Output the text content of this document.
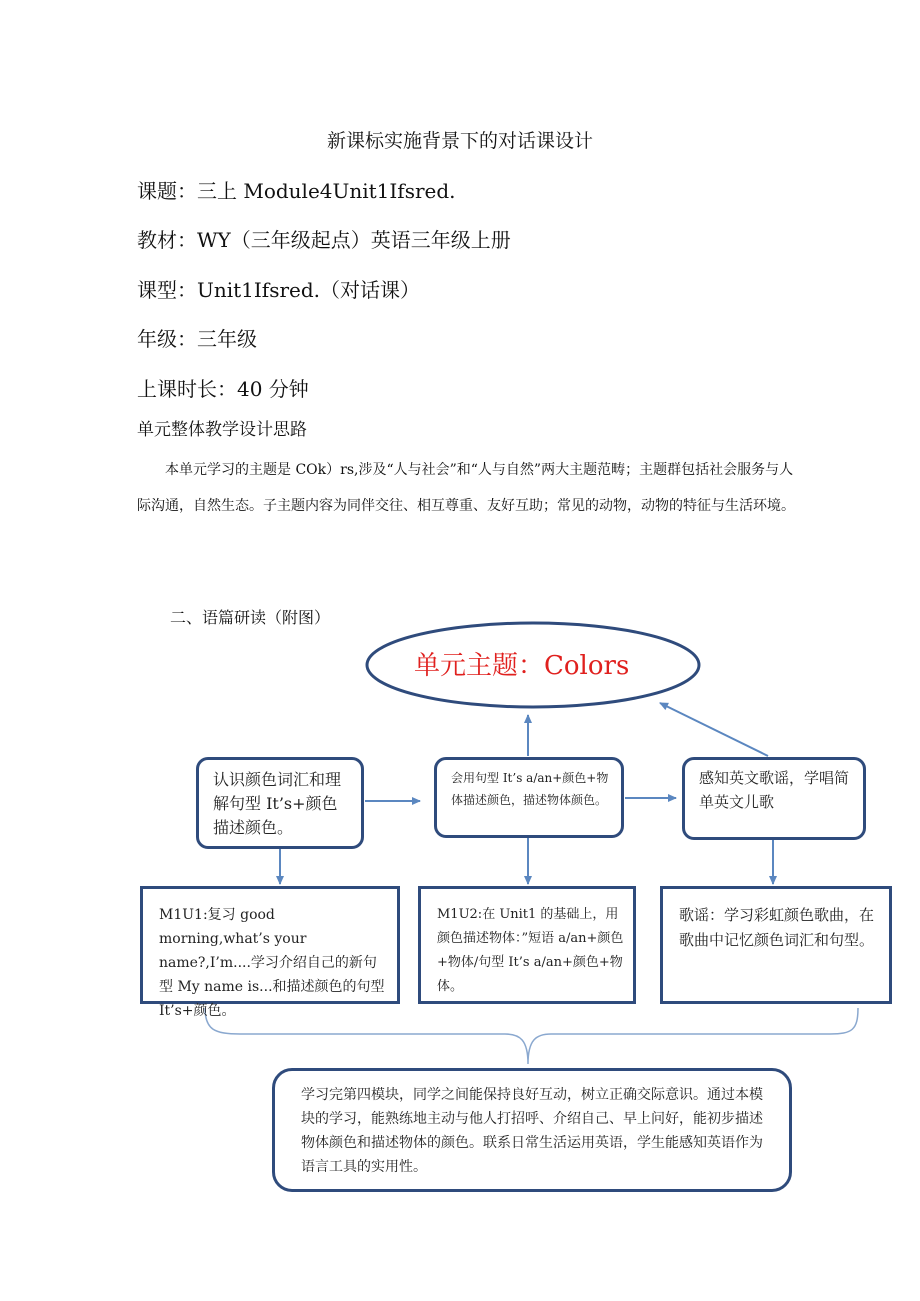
新课标实施背景下的对话课设计
课题：三上 Module4Unit1Ifsred.
教材：WY（三年级起点）英语三年级上册
课型：Unit1Ifsred.（对话课）
年级：三年级
上课时长：40 分钟
单元整体教学设计思路
本单元学习的主题是 COk）rs,涉及“人与社会”和“人与自然”两大主题范畴；主题群包括社会服务与人际沟通，自然生态。子主题内容为同伴交往、相互尊重、友好互助；常见的动物，动物的特征与生活环境。
二、语篇研读（附图）
单元主题：Colors
认识颜色词汇和理解句型 It’s+颜色描述颜色。
会用句型 It’s a/an+颜色+物体描述颜色，描述物体颜色。
感知英文歌谣，学唱简单英文儿歌
M1U1:复习 good morning,what’s your name?,I’m....学习介绍自己的新句型 My name is...和描述颜色的句型 It’s+颜色。
M1U2:在 Unit1 的基础上，用颜色描述物体：”短语 a/an+颜色+物体/句型 It’s a/an+颜色+物体。
歌谣：学习彩虹颜色歌曲，在歌曲中记忆颜色词汇和句型。
学习完第四模块，同学之间能保持良好互动，树立正确交际意识。通过本模块的学习，能熟练地主动与他人打招呼、介绍自己、早上问好，能初步描述物体颜色和描述物体的颜色。联系日常生活运用英语，学生能感知英语作为语言工具的实用性。
